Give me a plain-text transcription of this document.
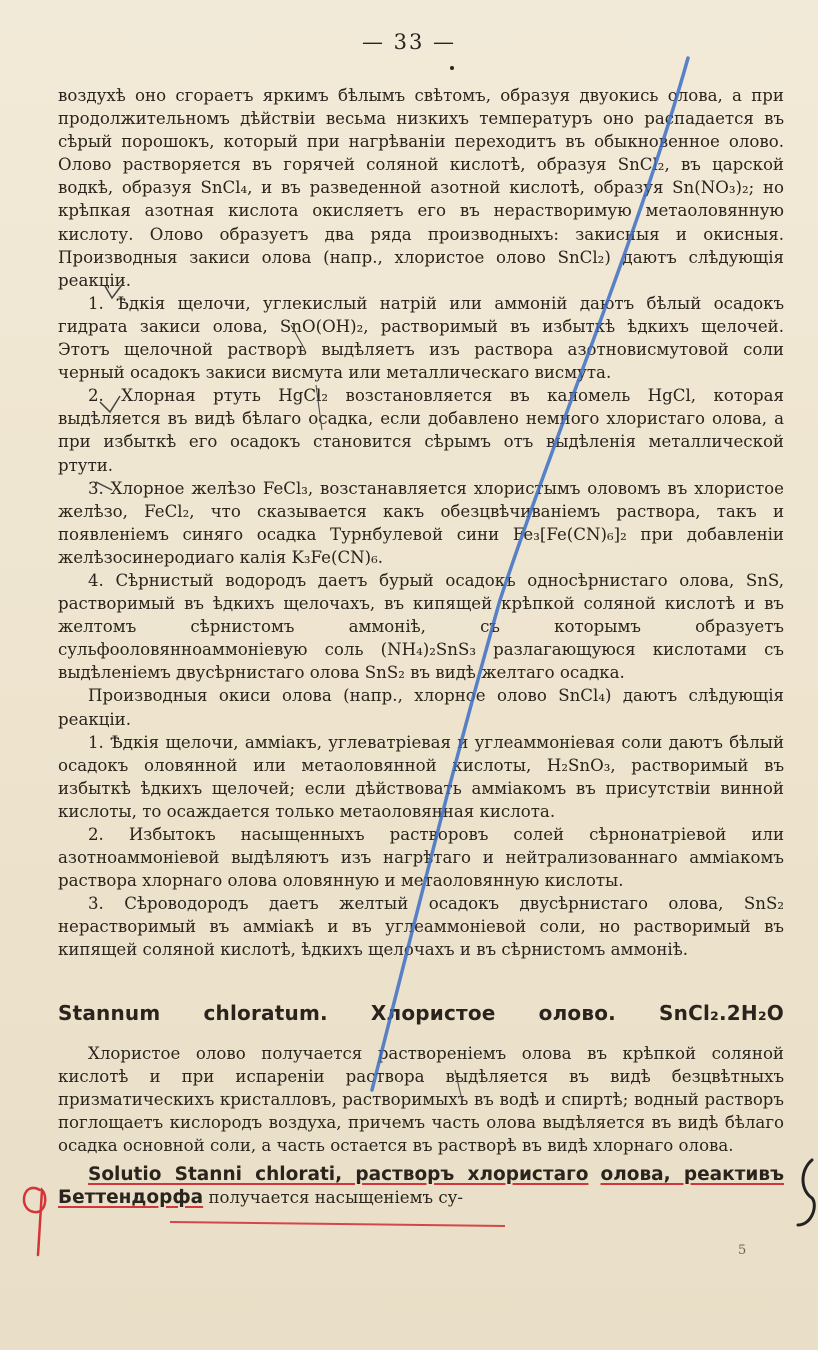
— 33 —

воздухѣ оно сгораетъ яркимъ бѣлымъ свѣтомъ, образуя двуокись олова, а при продолжительномъ дѣйствіи весьма низкихъ температуръ оно распадается въ сѣрый порошокъ, который при нагрѣваніи переходитъ въ обыкновенное олово. Олово растворяется въ горячей соляной кислотѣ, образуя SnCl₂, въ царской водкѣ, образуя SnCl₄, и въ разведенной азотной кислотѣ, образуя Sn(NO₃)₂; но крѣпкая азотная кислота окисляетъ его въ нерастворимую метаоловянную кислоту. Олово образуетъ два ряда производныхъ: закисныя и окисныя. Производныя закиси олова (напр., хлористое олово SnCl₂) даютъ слѣдующія реакціи.

1. Ѣдкія щелочи, углекислый натрій или аммоній даютъ бѣлый осадокъ гидрата закиси олова, SnO(OH)₂, растворимый въ избыткѣ ѣдкихъ щелочей. Этотъ щелочной растворъ выдѣляетъ изъ раствора азотновисмутовой соли черный осадокъ закиси висмута или металлическаго висмута.

2. Хлорная ртуть HgCl₂ возстановляется въ каломель HgCl, которая выдѣляется въ видѣ бѣлаго осадка, если добавлено немного хлористаго олова, а при избыткѣ его осадокъ становится сѣрымъ отъ выдѣленія металлической ртути.

3. Хлорное желѣзо FeCl₃, возстанавляется хлористымъ оловомъ въ хлористое желѣзо, FeCl₂, что сказывается какъ обезцвѣчиваніемъ раствора, такъ и появленіемъ синяго осадка Турнбулевой сини Fe₃[Fe(CN)₆]₂ при добавленіи желѣзосинеродиаго калія K₃Fe(CN)₆.

4. Сѣрнистый водородъ даетъ бурый осадокъ односѣрнистаго олова, SnS, растворимый въ ѣдкихъ щелочахъ, въ кипящей крѣпкой соляной кислотѣ и въ желтомъ сѣрнистомъ аммоніѣ, съ которымъ образуетъ сульфооловянноаммоніевую соль (NH₄)₂SnS₃ разлагающуюся кислотами съ выдѣленіемъ двусѣрнистаго олова SnS₂ въ видѣ желтаго осадка.

Производныя окиси олова (напр., хлорное олово SnCl₄) даютъ слѣдующія реакціи.

1. Ѣдкія щелочи, аммiакъ, углеватріевая и углеаммоніевая соли даютъ бѣлый осадокъ оловянной или метаоловянной кислоты, H₂SnO₃, растворимый въ избыткѣ ѣдкихъ щелочей; если дѣйствовать аммiакомъ въ присутствіи винной кислоты, то осаждается только метаоловянная кислота.

2. Избытокъ насыщенныхъ растворовъ солей сѣрнонатріевой или азотноаммоніевой выдѣляютъ изъ нагрѣтаго и нейтрализованнаго аммiакомъ раствора хлорнаго олова оловянную и метаоловянную кислоты.

3. Сѣроводородъ даетъ желтый осадокъ двусѣрнистаго олова, SnS₂ нерастворимый въ аммiакѣ и въ углеаммоніевой соли, но растворимый въ кипящей соляной кислотѣ, ѣдкихъ щелочахъ и въ сѣрнистомъ аммоніѣ.

Stannum chloratum. Хлористое олово. SnCl₂.2H₂O

Хлористое олово получается растворенiемъ олова въ крѣпкой соляной кислотѣ и при испареніи раствора выдѣляется въ видѣ безцвѣтныхъ призматическихъ кристалловъ, растворимыхъ въ водѣ и спиртѣ; водный растворъ поглощаетъ кислородъ воздуха, причемъ часть олова выдѣляется въ видѣ бѣлаго осадка основной соли, а часть остается въ растворѣ въ видѣ хлорнаго олова.

Solutio Stanni chlorati, растворъ хлористаго олова, реактивъ Беттендорфа получается насыщеніемъ су-

5
